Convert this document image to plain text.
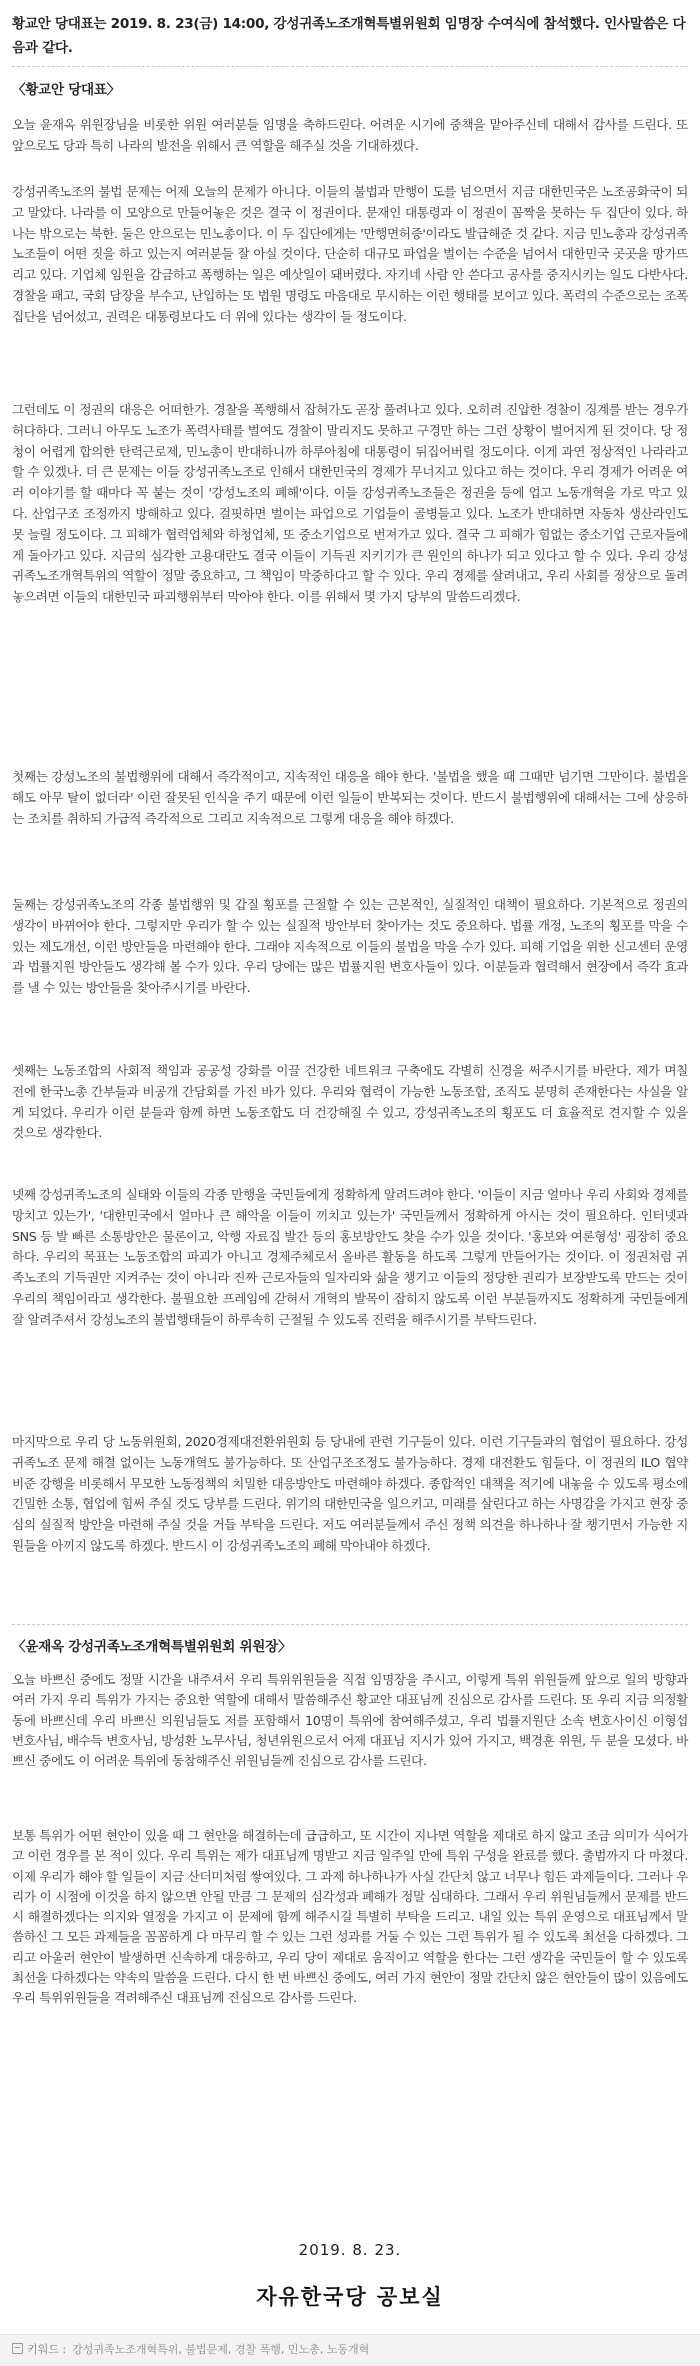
황교안 당대표는 2019. 8. 23(금) 14:00, 강성귀족노조개혁특별위원회 임명장 수여식에 참석했다. 인사말씀은 다음과 같다.
〈황교안 당대표〉
오늘 윤재옥 위원장님을 비롯한 위원 여러분들 임명을 축하드린다. 어려운 시기에 중책을 맡아주신데 대해서 감사를 드린다. 또 앞으로도 당과 특히 나라의 발전을 위해서 큰 역할을 해주실 것을 기대하겠다.
강성귀족노조의 불법 문제는 어제 오늘의 문제가 아니다. 이들의 불법과 만행이 도를 넘으면서 지금 대한민국은 노조공화국이 되고 말았다. 나라를 이 모양으로 만들어놓은 것은 결국 이 정권이다. 문재인 대통령과 이 정권이 꼼짝을 못하는 두 집단이 있다. 하나는 밖으로는 북한. 둘은 안으로는 민노총이다. 이 두 집단에게는 '만행면허증'이라도 발급해준 것 같다. 지금 민노총과 강성귀족노조들이 어떤 짓을 하고 있는지 여러분들 잘 아실 것이다. 단순히 대규모 파업을 벌이는 수준을 넘어서 대한민국 곳곳을 망가뜨리고 있다. 기업체 임원을 감금하고 폭행하는 일은 예삿일이 돼버렸다. 자기네 사람 안 쓴다고 공사를 중지시키는 일도 다반사다. 경찰을 패고, 국회 담장을 부수고, 난입하는 또 법원 명령도 마음대로 무시하는 이런 행태를 보이고 있다. 폭력의 수준으로는 조폭집단을 넘어섰고, 권력은 대통령보다도 더 위에 있다는 생각이 들 정도이다.
그런데도 이 정권의 대응은 어떠한가. 경찰을 폭행해서 잡혀가도 곧장 풀려나고 있다. 오히려 진압한 경찰이 징계를 받는 경우가 허다하다. 그러니 아무도 노조가 폭력사태를 벌여도 경찰이 말리지도 못하고 구경만 하는 그런 상황이 벌어지게 된 것이다. 당 정 청이 어렵게 합의한 탄력근로제, 민노총이 반대하니까 하루아침에 대통령이 뒤집어버릴 정도이다. 이게 과연 정상적인 나라라고 할 수 있겠나. 더 큰 문제는 이들 강성귀족노조로 인해서 대한민국의 경제가 무너지고 있다고 하는 것이다. 우리 경제가 어려운 여러 이야기를 할 때마다 꼭 붙는 것이 '강성노조의 폐해'이다. 이들 강성귀족노조들은 정권을 등에 업고 노동개혁을 가로 막고 있다. 산업구조 조정까지 방해하고 있다. 걸핏하면 벌이는 파업으로 기업들이 골병들고 있다. 노조가 반대하면 자동차 생산라인도 못 늘릴 정도이다. 그 피해가 협력업체와 하청업체, 또 중소기업으로 번져가고 있다. 결국 그 피해가 힘없는 중소기업 근로자들에게 돌아가고 있다. 지금의 심각한 고용대란도 결국 이들이 기득권 지키기가 큰 원인의 하나가 되고 있다고 할 수 있다. 우리 강성귀족노조개혁특위의 역할이 정말 중요하고, 그 책임이 막중하다고 할 수 있다. 우리 경제를 살려내고, 우리 사회를 정상으로 돌려놓으려면 이들의 대한민국 파괴행위부터 막아야 한다. 이를 위해서 몇 가지 당부의 말씀드리겠다.
첫째는 강성노조의 불법행위에 대해서 즉각적이고, 지속적인 대응을 해야 한다. '불법을 했을 때 그때만 넘기면 그만이다. 불법을 해도 아무 탈이 없더라' 이런 잘못된 인식을 주기 때문에 이런 일들이 반복되는 것이다. 반드시 불법행위에 대해서는 그에 상응하는 조치를 취하되 가급적 즉각적으로 그리고 지속적으로 그렇게 대응을 해야 하겠다.
둘째는 강성귀족노조의 각종 불법행위 및 갑질 횡포를 근절할 수 있는 근본적인, 실질적인 대책이 필요하다. 기본적으로 정권의 생각이 바뀌어야 한다. 그렇지만 우리가 할 수 있는 실질적 방안부터 찾아가는 것도 중요하다. 법률 개정, 노조의 횡포를 막을 수 있는 제도개선, 이런 방안들을 마련해야 한다. 그래야 지속적으로 이들의 불법을 막을 수가 있다. 피해 기업을 위한 신고센터 운영과 법률지원 방안들도 생각해 볼 수가 있다. 우리 당에는 많은 법률지원 변호사들이 있다. 이분들과 협력해서 현장에서 즉각 효과를 낼 수 있는 방안들을 찾아주시기를 바란다.
셋째는 노동조합의 사회적 책임과 공공성 강화를 이끌 건강한 네트워크 구축에도 각별히 신경을 써주시기를 바란다. 제가 며칠 전에 한국노총 간부들과 비공개 간담회를 가진 바가 있다. 우리와 협력이 가능한 노동조합, 조직도 분명히 존재한다는 사실을 알게 되었다. 우리가 이런 분들과 함께 하면 노동조합도 더 건강해질 수 있고, 강성귀족노조의 횡포도 더 효율적로 견지할 수 있을 것으로 생각한다.
넷째 강성귀족노조의 실태와 이들의 각종 만행을 국민들에게 정확하게 알려드려야 한다. '이들이 지금 얼마나 우리 사회와 경제를 망치고 있는가', '대한민국에서 얼마나 큰 해악을 이들이 끼치고 있는가' 국민들께서 정확하게 아시는 것이 필요하다. 인터넷과 SNS 등 발 빠른 소통방안은 물론이고, 악행 자료집 발간 등의 홍보방안도 찾을 수가 있을 것이다. '홍보와 여론형성' 굉장히 중요하다. 우리의 목표는 노동조합의 파괴가 아니고 경제주체로서 올바른 활동을 하도록 그렇게 만들어가는 것이다. 이 정권처럼 귀족노조의 기득권만 지켜주는 것이 아니라 진짜 근로자들의 일자리와 삶을 챙기고 이들의 정당한 권리가 보장받도록 만드는 것이 우리의 책임이라고 생각한다. 불필요한 프레임에 갇혀서 개혁의 발목이 잡히지 않도록 이런 부분들까지도 정확하게 국민들에게 잘 알려주셔서 강성노조의 불법행태들이 하루속히 근절될 수 있도록 진력을 해주시기를 부탁드린다.
마지막으로 우리 당 노동위원회, 2020경제대전환위원회 등 당내에 관련 기구들이 있다. 이런 기구들과의 협업이 필요하다. 강성귀족노조 문제 해결 없이는 노동개혁도 불가능하다. 또 산업구조조정도 불가능하다. 경제 대전환도 힘들다. 이 정권의 ILO 협약 비준 강행을 비롯해서 무모한 노동정책의 치밀한 대응방안도 마련해야 하겠다. 종합적인 대책을 적기에 내놓을 수 있도록 평소에 긴밀한 소통, 협업에 힘써 주실 것도 당부를 드린다. 위기의 대한민국을 일으키고, 미래를 살린다고 하는 사명감을 가지고 현장 중심의 실질적 방안을 마련해 주실 것을 거듭 부탁을 드린다. 저도 여러분들께서 주신 정책 의견을 하나하나 잘 챙기면서 가능한 지원들을 아끼지 않도록 하겠다. 반드시 이 강성귀족노조의 폐해 막아내야 하겠다.
〈윤재옥 강성귀족노조개혁특별위원회 위원장〉
오늘 바쁘신 중에도 정말 시간을 내주셔서 우리 특위위원들을 직접 임명장을 주시고, 이렇게 특위 위원들께 앞으로 일의 방향과 여러 가지 우리 특위가 가지는 중요한 역할에 대해서 말씀해주신 황교안 대표님께 진심으로 감사를 드린다. 또 우리 지금 의정활동에 바쁘신데 우리 바쁘신 의원님들도 저를 포함해서 10명이 특위에 참여해주셨고, 우리 법률지원단 소속 변호사이신 이형섭 변호사님, 배수득 변호사님, 방성환 노무사님, 청년위원으로서 어제 대표님 지시가 있어 가지고, 백경훈 위원, 두 분을 모셨다. 바쁘신 중에도 이 어려운 특위에 동참해주신 위원님들께 진심으로 감사를 드린다.
보통 특위가 어떤 현안이 있을 때 그 현안을 해결하는데 급급하고, 또 시간이 지나면 역할을 제대로 하지 않고 조금 의미가 식어가고 이런 경우를 본 적이 있다. 우리 특위는 제가 대표님께 명받고 지금 일주일 만에 특위 구성을 완료를 했다. 출범까지 다 마쳤다. 이제 우리가 해야 할 일들이 지금 산더미처럼 쌓여있다. 그 과제 하나하나가 사실 간단치 않고 너무나 힘든 과제들이다. 그러나 우리가 이 시점에 이것을 하지 않으면 안될 만큼 그 문제의 심각성과 폐해가 정말 심대하다. 그래서 우리 위원님들께서 문제를 반드시 해결하겠다는 의지와 열정을 가지고 이 문제에 함께 해주시길 특별히 부탁을 드리고. 내일 있는 특위 운영으로 대표님께서 말씀하신 그 모든 과제들을 꼼꼼하게 다 마무리 할 수 있는 그런 성과를 거둘 수 있는 그런 특위가 될 수 있도록 최선을 다하겠다. 그리고 아울러 현안이 발생하면 신속하게 대응하고, 우리 당이 제대로 움직이고 역할을 한다는 그런 생각을 국민들이 할 수 있도록 최선을 다하겠다는 약속의 말씀을 드린다. 다시 한 번 바쁘신 중에도, 여러 가지 현안이 정말 간단치 않은 현안들이 많이 있음에도 우리 특위위원들을 격려해주신 대표님께 진심으로 감사를 드린다.
2019. 8. 23.
자유한국당 공보실
키워드 : 강성귀족노조개혁특위, 불법문제, 경찰 폭행, 민노총, 노동개혁
